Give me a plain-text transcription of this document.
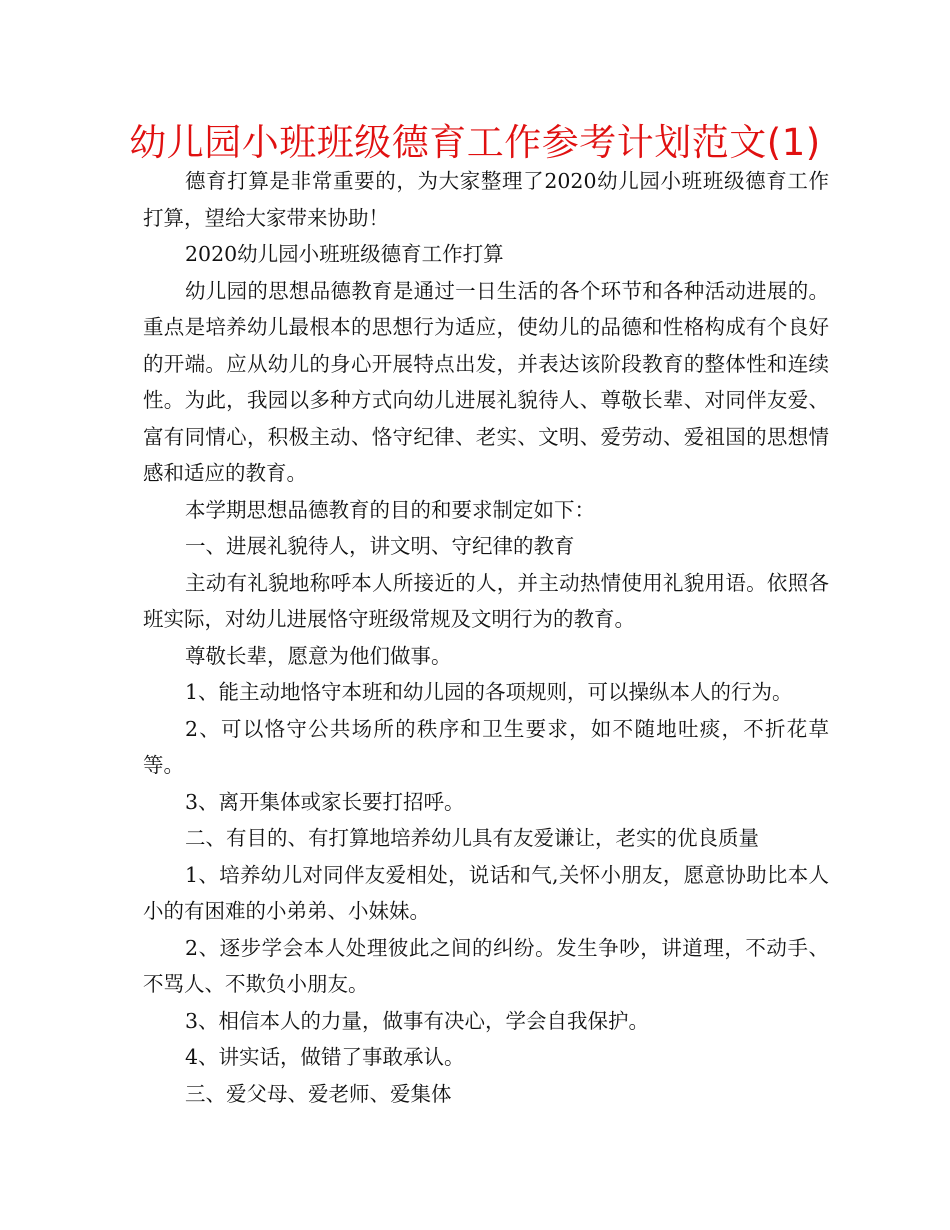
幼儿园小班班级德育工作参考计划范文(1)

德育打算是非常重要的，为大家整理了2020幼儿园小班班级德育工作打算，望给大家带来协助！

2020幼儿园小班班级德育工作打算

幼儿园的思想品德教育是通过一日生活的各个环节和各种活动进展的。重点是培养幼儿最根本的思想行为适应，使幼儿的品德和性格构成有个良好的开端。应从幼儿的身心开展特点出发，并表达该阶段教育的整体性和连续性。为此，我园以多种方式向幼儿进展礼貌待人、尊敬长辈、对同伴友爱、富有同情心，积极主动、恪守纪律、老实、文明、爱劳动、爱祖国的思想情感和适应的教育。

本学期思想品德教育的目的和要求制定如下：

一、进展礼貌待人，讲文明、守纪律的教育

主动有礼貌地称呼本人所接近的人，并主动热情使用礼貌用语。依照各班实际，对幼儿进展恪守班级常规及文明行为的教育。

尊敬长辈，愿意为他们做事。

1、能主动地恪守本班和幼儿园的各项规则，可以操纵本人的行为。

2、可以恪守公共场所的秩序和卫生要求，如不随地吐痰，不折花草等。

3、离开集体或家长要打招呼。

二、有目的、有打算地培养幼儿具有友爱谦让，老实的优良质量

1、培养幼儿对同伴友爱相处，说话和气,关怀小朋友，愿意协助比本人小的有困难的小弟弟、小妹妹。

2、逐步学会本人处理彼此之间的纠纷。发生争吵，讲道理，不动手、不骂人、不欺负小朋友。

3、相信本人的力量，做事有决心，学会自我保护。

4、讲实话，做错了事敢承认。

三、爱父母、爱老师、爱集体
